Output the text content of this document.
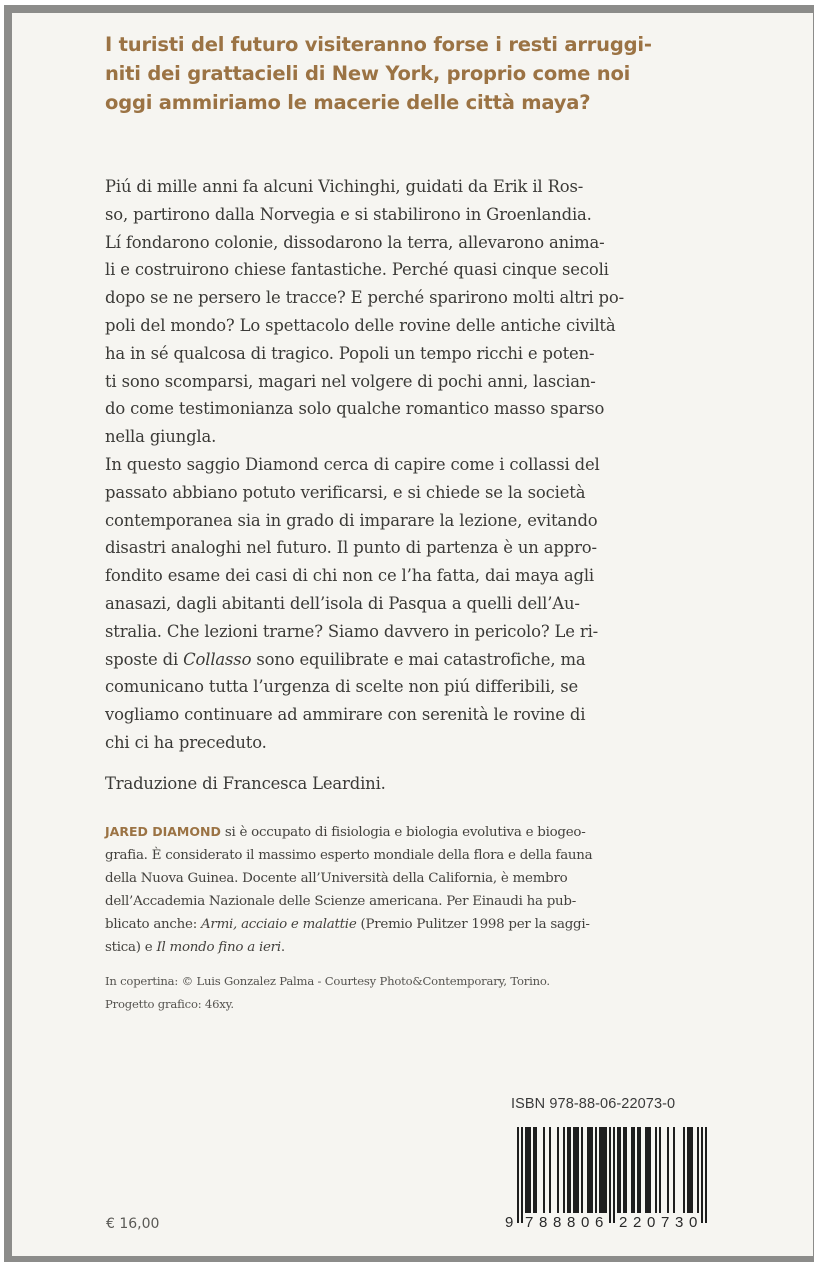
I turisti del futuro visiteranno forse i resti arruggi-
niti dei grattacieli di New York, proprio come noi
oggi ammiriamo le macerie delle città maya?
Piú di mille anni fa alcuni Vichinghi, guidati da Erik il Ros-
so, partirono dalla Norvegia e si stabilirono in Groenlandia.
Lí fondarono colonie, dissodarono la terra, allevarono anima-
li e costruirono chiese fantastiche. Perché quasi cinque secoli
dopo se ne persero le tracce? E perché sparirono molti altri po-
poli del mondo? Lo spettacolo delle rovine delle antiche civiltà
ha in sé qualcosa di tragico. Popoli un tempo ricchi e poten-
ti sono scomparsi, magari nel volgere di pochi anni, lascian-
do come testimonianza solo qualche romantico masso sparso
nella giungla.
In questo saggio Diamond cerca di capire come i collassi del
passato abbiano potuto verificarsi, e si chiede se la società
contemporanea sia in grado di imparare la lezione, evitando
disastri analoghi nel futuro. Il punto di partenza è un appro-
fondito esame dei casi di chi non ce l’ha fatta, dai maya agli
anasazi, dagli abitanti dell’isola di Pasqua a quelli dell’Au-
stralia. Che lezioni trarne? Siamo davvero in pericolo? Le ri-
sposte di Collasso sono equilibrate e mai catastrofiche, ma
comunicano tutta l’urgenza di scelte non piú differibili, se
vogliamo continuare ad ammirare con serenità le rovine di
chi ci ha preceduto.
Traduzione di Francesca Leardini.
JARED DIAMOND si è occupato di fisiologia e biologia evolutiva e biogeo-
grafia. È considerato il massimo esperto mondiale della flora e della fauna
della Nuova Guinea. Docente all’Università della California, è membro
dell’Accademia Nazionale delle Scienze americana. Per Einaudi ha pub-
blicato anche: Armi, acciaio e malattie (Premio Pulitzer 1998 per la saggi-
stica) e Il mondo fino a ieri.
In copertina: © Luis Gonzalez Palma - Courtesy Photo&Contemporary, Torino.
Progetto grafico: 46xy.
ISBN 978-88-06-22073-0
9 7 8 8 8 0 6 2 2 0 7 3 0
€ 16,00
